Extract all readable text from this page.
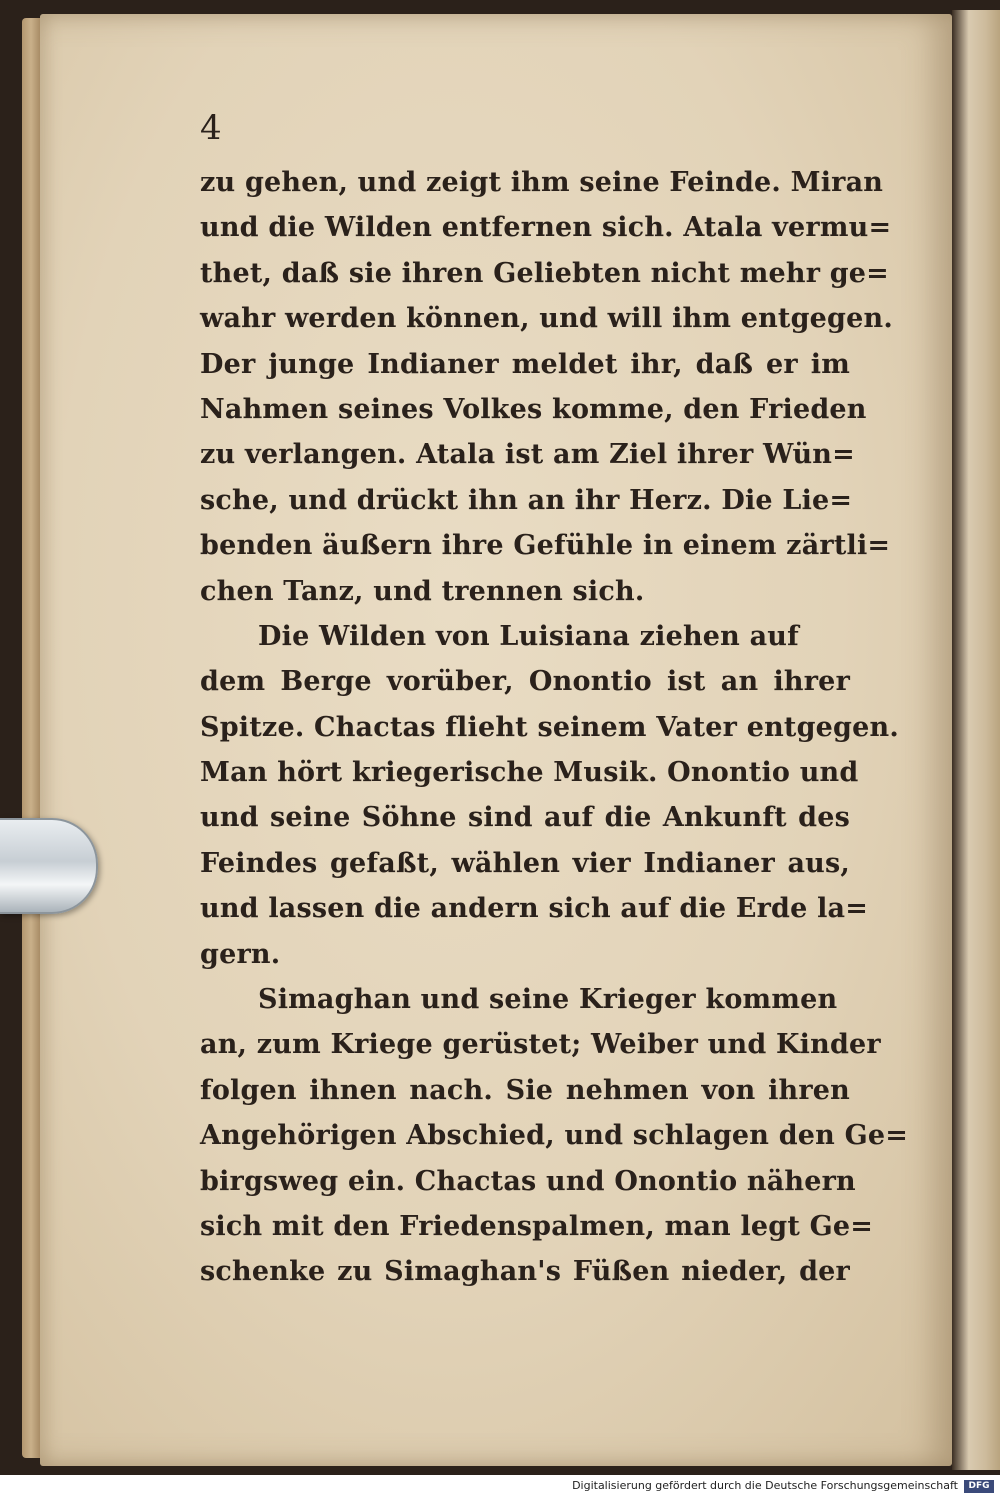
4
zu gehen, und zeigt ihm seine Feinde. Miran
und die Wilden entfernen sich. Atala vermu=
thet, daß sie ihren Geliebten nicht mehr ge=
wahr werden können, und will ihm entgegen.
Der junge Indianer meldet ihr, daß er im
Nahmen seines Volkes komme, den Frieden
zu verlangen. Atala ist am Ziel ihrer Wün=
sche, und drückt ihn an ihr Herz. Die Lie=
benden äußern ihre Gefühle in einem zärtli=
chen Tanz, und trennen sich.
Die Wilden von Luisiana ziehen auf
dem Berge vorüber, Onontio ist an ihrer
Spitze. Chactas flieht seinem Vater entgegen.
Man hört kriegerische Musik. Onontio und
und seine Söhne sind auf die Ankunft des
Feindes gefaßt, wählen vier Indianer aus,
und lassen die andern sich auf die Erde la=
gern.
Simaghan und seine Krieger kommen
an, zum Kriege gerüstet; Weiber und Kinder
folgen ihnen nach. Sie nehmen von ihren
Angehörigen Abschied, und schlagen den Ge=
birgsweg ein. Chactas und Onontio nähern
sich mit den Friedenspalmen, man legt Ge=
schenke zu Simaghan's Füßen nieder, der
Digitalisierung gefördert durch die Deutsche Forschungsgemeinschaft	DFG
